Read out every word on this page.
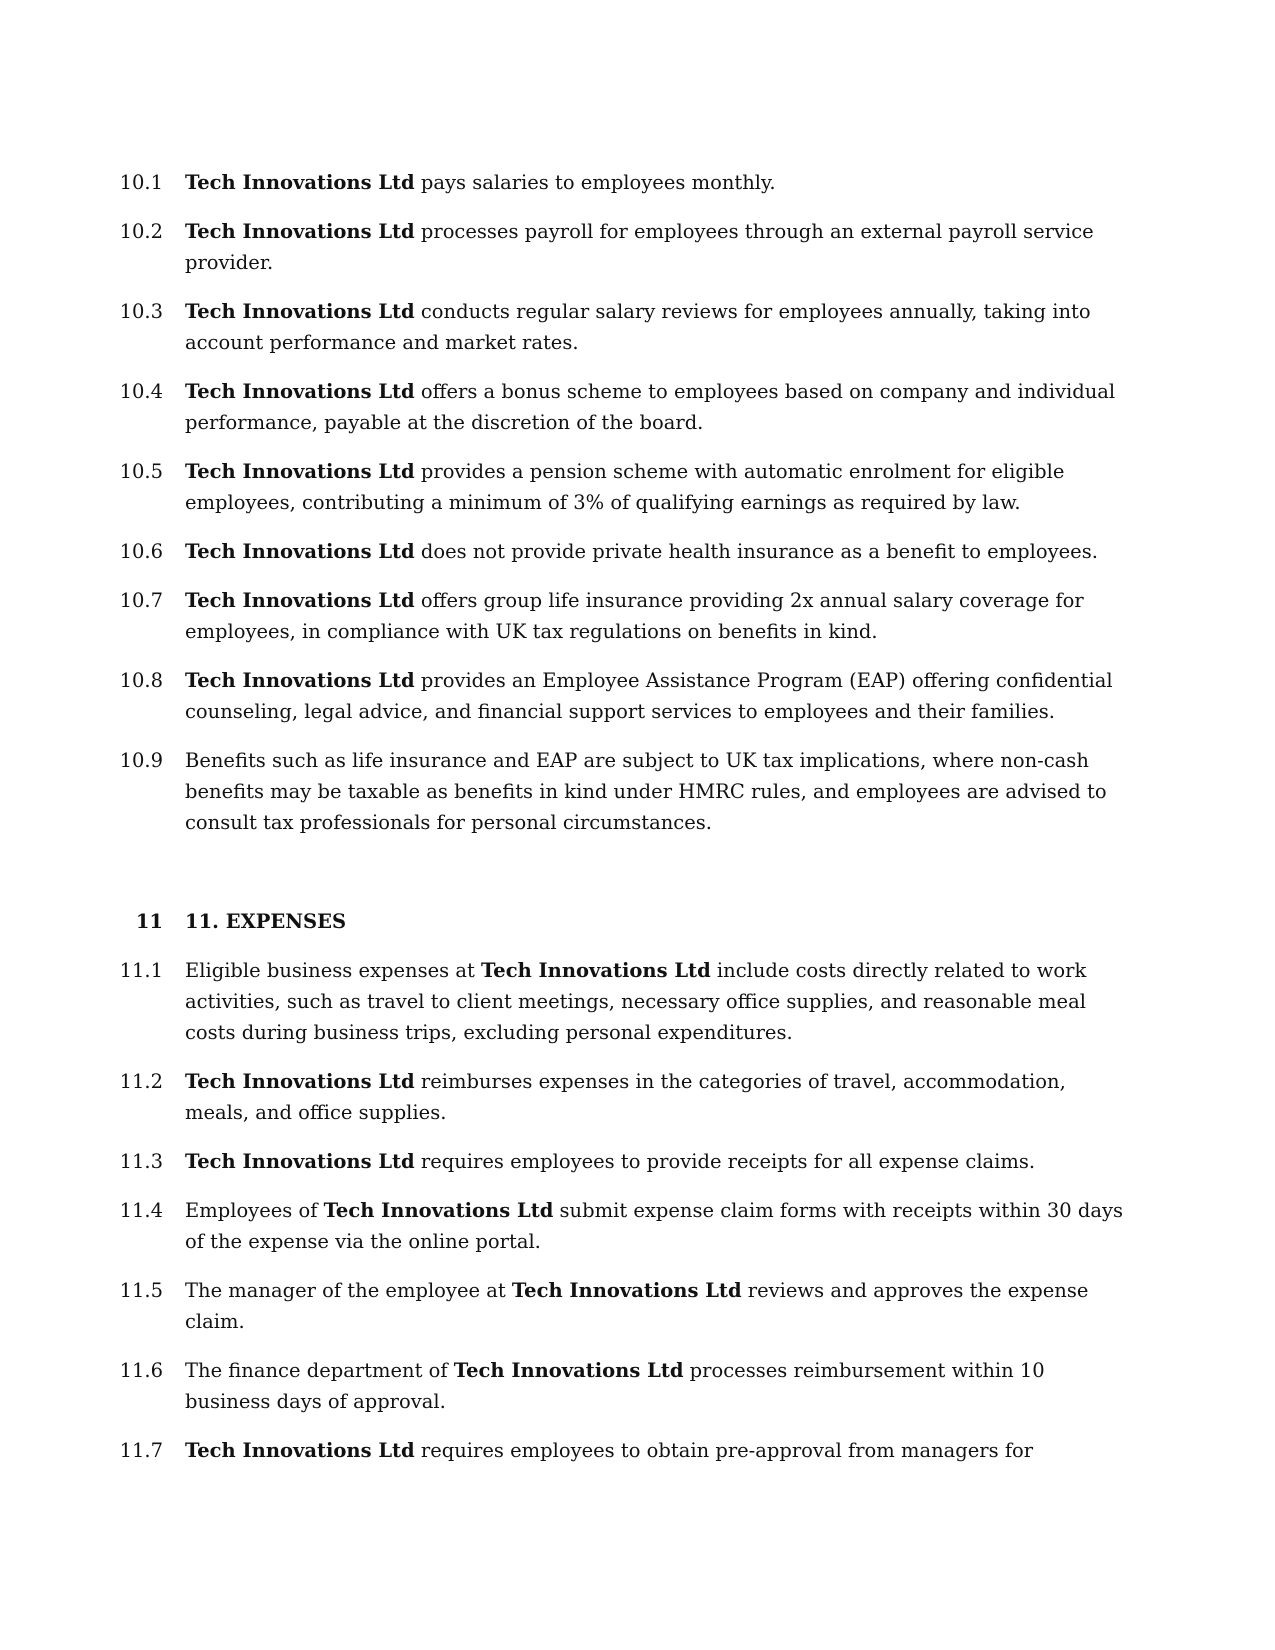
10.1	Tech Innovations Ltd pays salaries to employees monthly.
10.2	Tech Innovations Ltd processes payroll for employees through an external payroll service provider.
10.3	Tech Innovations Ltd conducts regular salary reviews for employees annually, taking into account performance and market rates.
10.4	Tech Innovations Ltd offers a bonus scheme to employees based on company and individual performance, payable at the discretion of the board.
10.5	Tech Innovations Ltd provides a pension scheme with automatic enrolment for eligible employees, contributing a minimum of 3% of qualifying earnings as required by law.
10.6	Tech Innovations Ltd does not provide private health insurance as a benefit to employees.
10.7	Tech Innovations Ltd offers group life insurance providing 2x annual salary coverage for employees, in compliance with UK tax regulations on benefits in kind.
10.8	Tech Innovations Ltd provides an Employee Assistance Program (EAP) offering confidential counseling, legal advice, and financial support services to employees and their families.
10.9	Benefits such as life insurance and EAP are subject to UK tax implications, where non-cash benefits may be taxable as benefits in kind under HMRC rules, and employees are advised to consult tax professionals for personal circumstances.
11	11. EXPENSES
11.1	Eligible business expenses at Tech Innovations Ltd include costs directly related to work activities, such as travel to client meetings, necessary office supplies, and reasonable meal costs during business trips, excluding personal expenditures.
11.2	Tech Innovations Ltd reimburses expenses in the categories of travel, accommodation, meals, and office supplies.
11.3	Tech Innovations Ltd requires employees to provide receipts for all expense claims.
11.4	Employees of Tech Innovations Ltd submit expense claim forms with receipts within 30 days of the expense via the online portal.
11.5	The manager of the employee at Tech Innovations Ltd reviews and approves the expense claim.
11.6	The finance department of Tech Innovations Ltd processes reimbursement within 10 business days of approval.
11.7	Tech Innovations Ltd requires employees to obtain pre-approval from managers for
